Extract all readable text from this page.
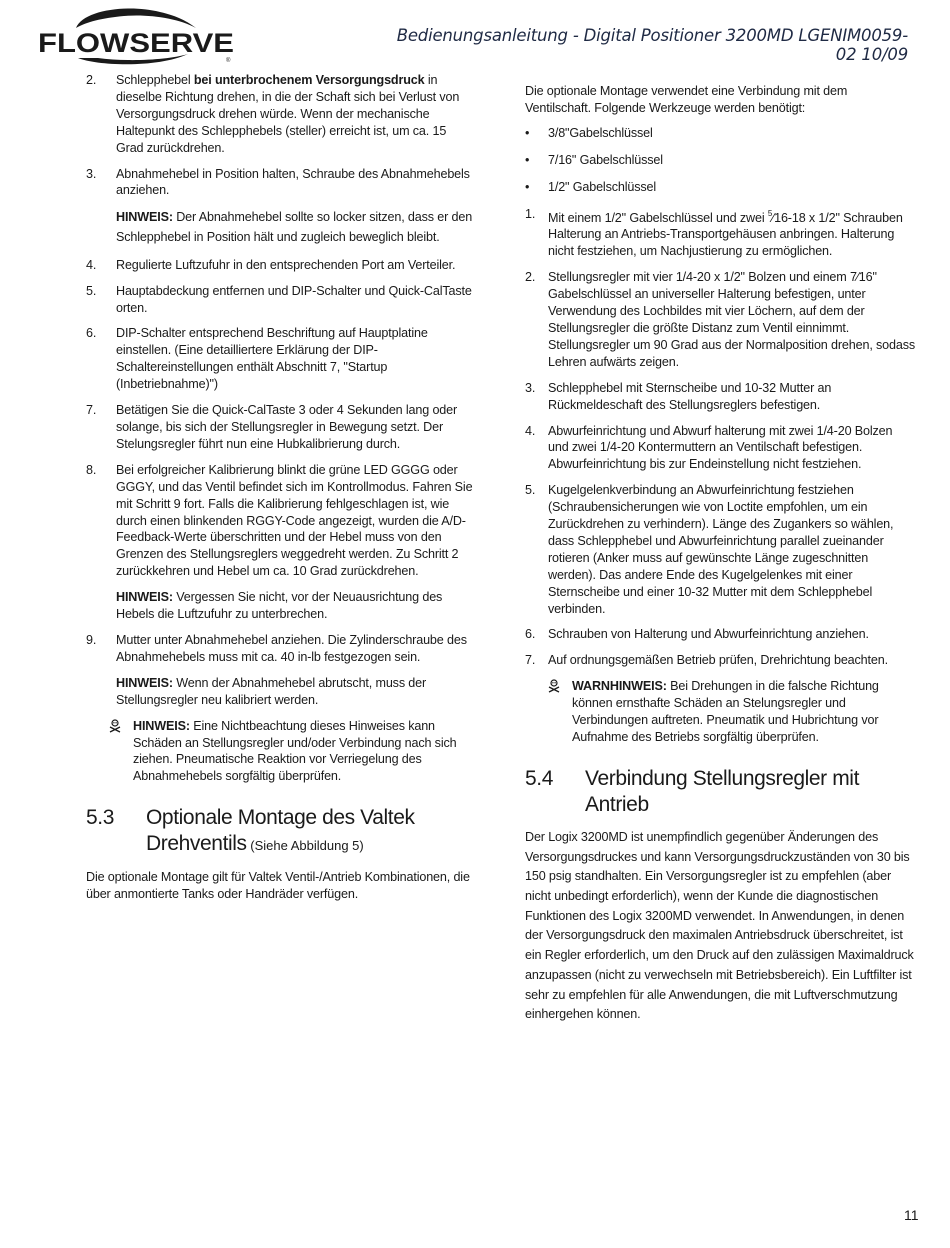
FLOWSERVE
®
Bedienungsanleitung - Digital Positioner 3200MD LGENIM0059-02 10/09
2. Schlepphebel bei unterbrochenem Versorgungsdruck in dieselbe Richtung drehen, in die der Schaft sich bei Verlust von Versorgungsdruck drehen würde. Wenn der mechanische Haltepunkt des Schlepphebels (steller) erreicht ist, um ca. 15 Grad zurückdrehen.
3. Abnahmehebel in Position halten, Schraube des Abnahmehebels anziehen.
HINWEIS: Der Abnahmehebel sollte so locker sitzen, dass er den Schlepphebel in Position hält und zugleich beweglich bleibt.
4. Regulierte Luftzufuhr in den entsprechenden Port am Verteiler.
5. Hauptabdeckung entfernen und DIP-Schalter und Quick-CalTaste orten.
6. DIP-Schalter entsprechend Beschriftung auf Hauptplatine einstellen. (Eine detailliertere Erklärung der DIP-Schaltereinstellungen enthält Abschnitt 7, "Startup (Inbetriebnahme)")
7. Betätigen Sie die Quick-CalTaste 3 oder 4 Sekunden lang oder solange, bis sich der Stellungsregler in Bewegung setzt. Der Stelungsregler führt nun eine Hubkalibrierung durch.
8. Bei erfolgreicher Kalibrierung blinkt die grüne LED GGGG oder GGGY, und das Ventil befindet sich im Kontrollmodus. Fahren Sie mit Schritt 9 fort. Falls die Kalibrierung fehlgeschlagen ist, wie durch einen blinkenden RGGY-Code angezeigt, wurden die A/D-Feedback-Werte überschritten und der Hebel muss von den Grenzen des Stellungsreglers weggedreht werden. Zu Schritt 2 zurückkehren und Hebel um ca. 10 Grad zurückdrehen.
HINWEIS: Vergessen Sie nicht, vor der Neuausrichtung des Hebels die Luftzufuhr zu unterbrechen.
9. Mutter unter Abnahmehebel anziehen. Die Zylinderschraube des Abnahmehebels muss mit ca. 40 in-lb festgezogen sein.
HINWEIS: Wenn der Abnahmehebel abrutscht, muss der Stellungsregler neu kalibriert werden.
HINWEIS: Eine Nichtbeachtung dieses Hinweises kann Schäden an Stellungsregler und/oder Verbindung nach sich ziehen. Pneumatische Reaktion vor Verriegelung des Abnahmehebels sorgfältig überprüfen.
5.3 Optionale Montage des Valtek Drehventils (Siehe Abbildung 5)
Die optionale Montage gilt für Valtek Ventil-/Antrieb Kombinationen, die über anmontierte Tanks oder Handräder verfügen.
Die optionale Montage verwendet eine Verbindung mit dem Ventilschaft. Folgende Werkzeuge werden benötigt:
• 3/8"Gabelschlüssel
• 7/16" Gabelschlüssel
• 1/2" Gabelschlüssel
1. Mit einem 1/2" Gabelschlüssel und zwei $^5$⁄16-18 x 1/2" Schrauben Halterung an Antriebs-Transportgehäusen anbringen. Halterung nicht festziehen, um Nachjustierung zu ermöglichen.
2. Stellungsregler mit vier 1/4-20 x 1/2" Bolzen und einem 7⁄16" Gabelschlüssel an universeller Halterung befestigen, unter Verwendung des Lochbildes mit vier Löchern, auf dem der Stellungsregler die größte Distanz zum Ventil einnimmt. Stellungsregler um 90 Grad aus der Normalposition drehen, sodass Lehren aufwärts zeigen.
3. Schlepphebel mit Sternscheibe und 10-32 Mutter an Rückmeldeschaft des Stellungsreglers befestigen.
4. Abwurfeinrichtung und Abwurf halterung mit zwei 1/4-20 Bolzen und zwei 1/4-20 Kontermuttern an Ventilschaft befestigen. Abwurfeinrichtung bis zur Endeinstellung nicht festziehen.
5. Kugelgelenkverbindung an Abwurfeinrichtung festziehen (Schraubensicherungen wie von Loctite empfohlen, um ein Zurückdrehen zu verhindern). Länge des Zugankers so wählen, dass Schlepphebel und Abwurfeinrichtung parallel zueinander rotieren (Anker muss auf gewünschte Länge zugeschnitten werden). Das andere Ende des Kugelgelenkes mit einer Sternscheibe und einer 10-32 Mutter mit dem Schlepphebel verbinden.
6. Schrauben von Halterung und Abwurfeinrichtung anziehen.
7. Auf ordnungsgemäßen Betrieb prüfen, Drehrichtung beachten.
WARNHINWEIS: Bei Drehungen in die falsche Richtung können ernsthafte Schäden an Stelungsregler und Verbindungen auftreten. Pneumatik und Hubrichtung vor Aufnahme des Betriebs sorgfältig überprüfen.
5.4 Verbindung Stellungsregler mit Antrieb
Der Logix 3200MD ist unempfindlich gegenüber Änderungen des Versorgungsdruckes und kann Versorgungsdruckzuständen von 30 bis 150 psig standhalten. Ein Versorgungsregler ist zu empfehlen (aber nicht unbedingt erforderlich), wenn der Kunde die diagnostischen Funktionen des Logix 3200MD verwendet. In Anwendungen, in denen der Versorgungsdruck den maximalen Antriebsdruck überschreitet, ist ein Regler erforderlich, um den Druck auf den zulässigen Maximaldruck anzupassen (nicht zu verwechseln mit Betriebsbereich). Ein Luftfilter ist sehr zu empfehlen für alle Anwendungen, die mit Luftverschmutzung einhergehen können.
11
